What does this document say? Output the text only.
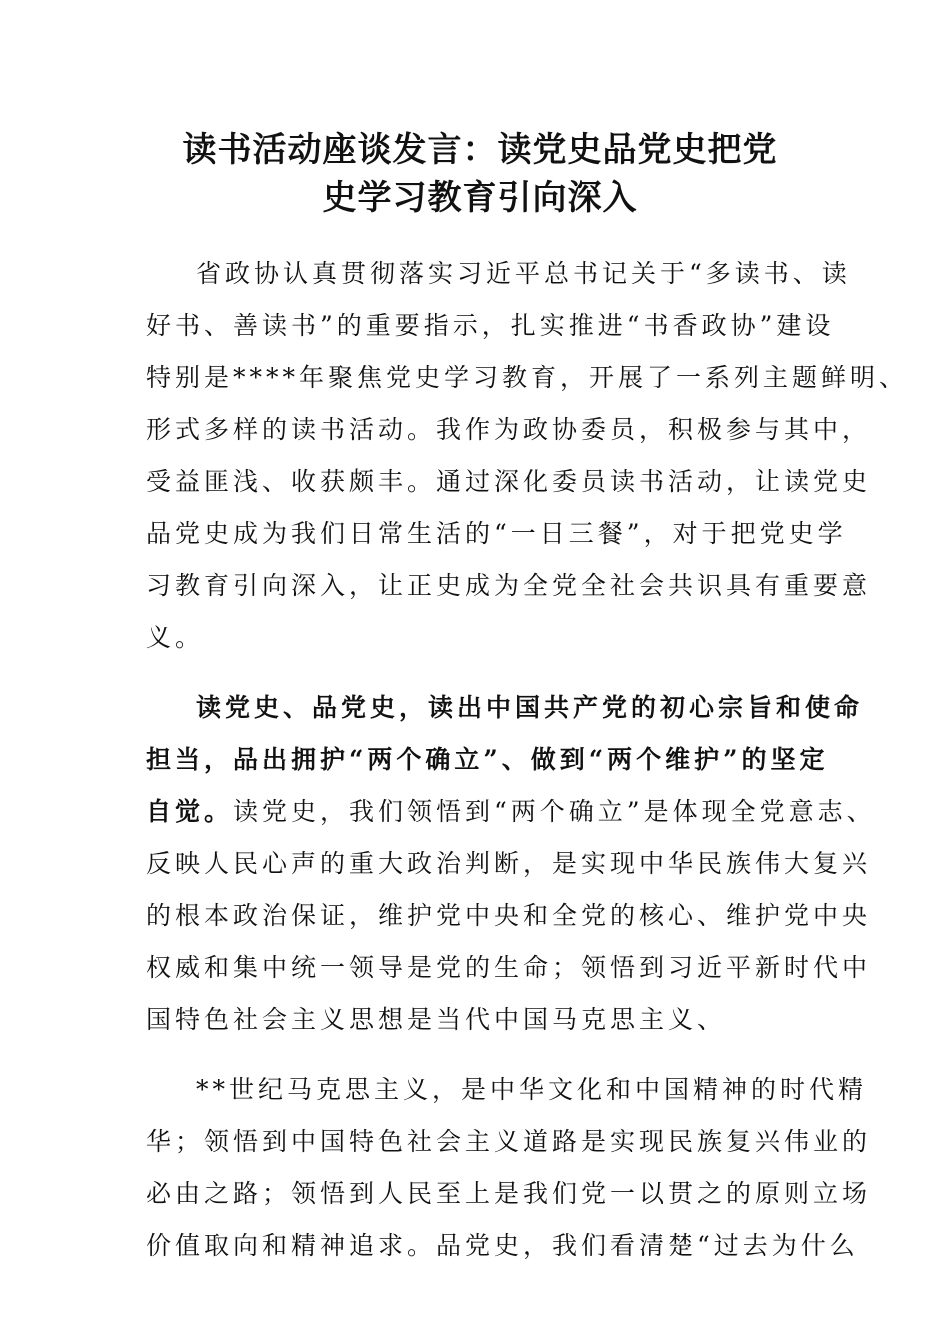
读书活动座谈发言：读党史品党史把党
史学习教育引向深入
省政协认真贯彻落实习近平总书记关于“多读书、读
好书、善读书”的重要指示，扎实推进“书香政协”建设
特别是****年聚焦党史学习教育，开展了一系列主题鲜明、
形式多样的读书活动。我作为政协委员，积极参与其中，
受益匪浅、收获颇丰。通过深化委员读书活动，让读党史
品党史成为我们日常生活的“一日三餐”，对于把党史学
习教育引向深入，让正史成为全党全社会共识具有重要意
义。
读党史、品党史，读出中国共产党的初心宗旨和使命
担当，品出拥护“两个确立”、做到“两个维护”的坚定
自觉。读党史，我们领悟到“两个确立”是体现全党意志、
反映人民心声的重大政治判断，是实现中华民族伟大复兴
的根本政治保证，维护党中央和全党的核心、维护党中央
权威和集中统一领导是党的生命；领悟到习近平新时代中
国特色社会主义思想是当代中国马克思主义、
**世纪马克思主义，是中华文化和中国精神的时代精
华；领悟到中国特色社会主义道路是实现民族复兴伟业的
必由之路；领悟到人民至上是我们党一以贯之的原则立场
价值取向和精神追求。品党史，我们看清楚“过去为什么
